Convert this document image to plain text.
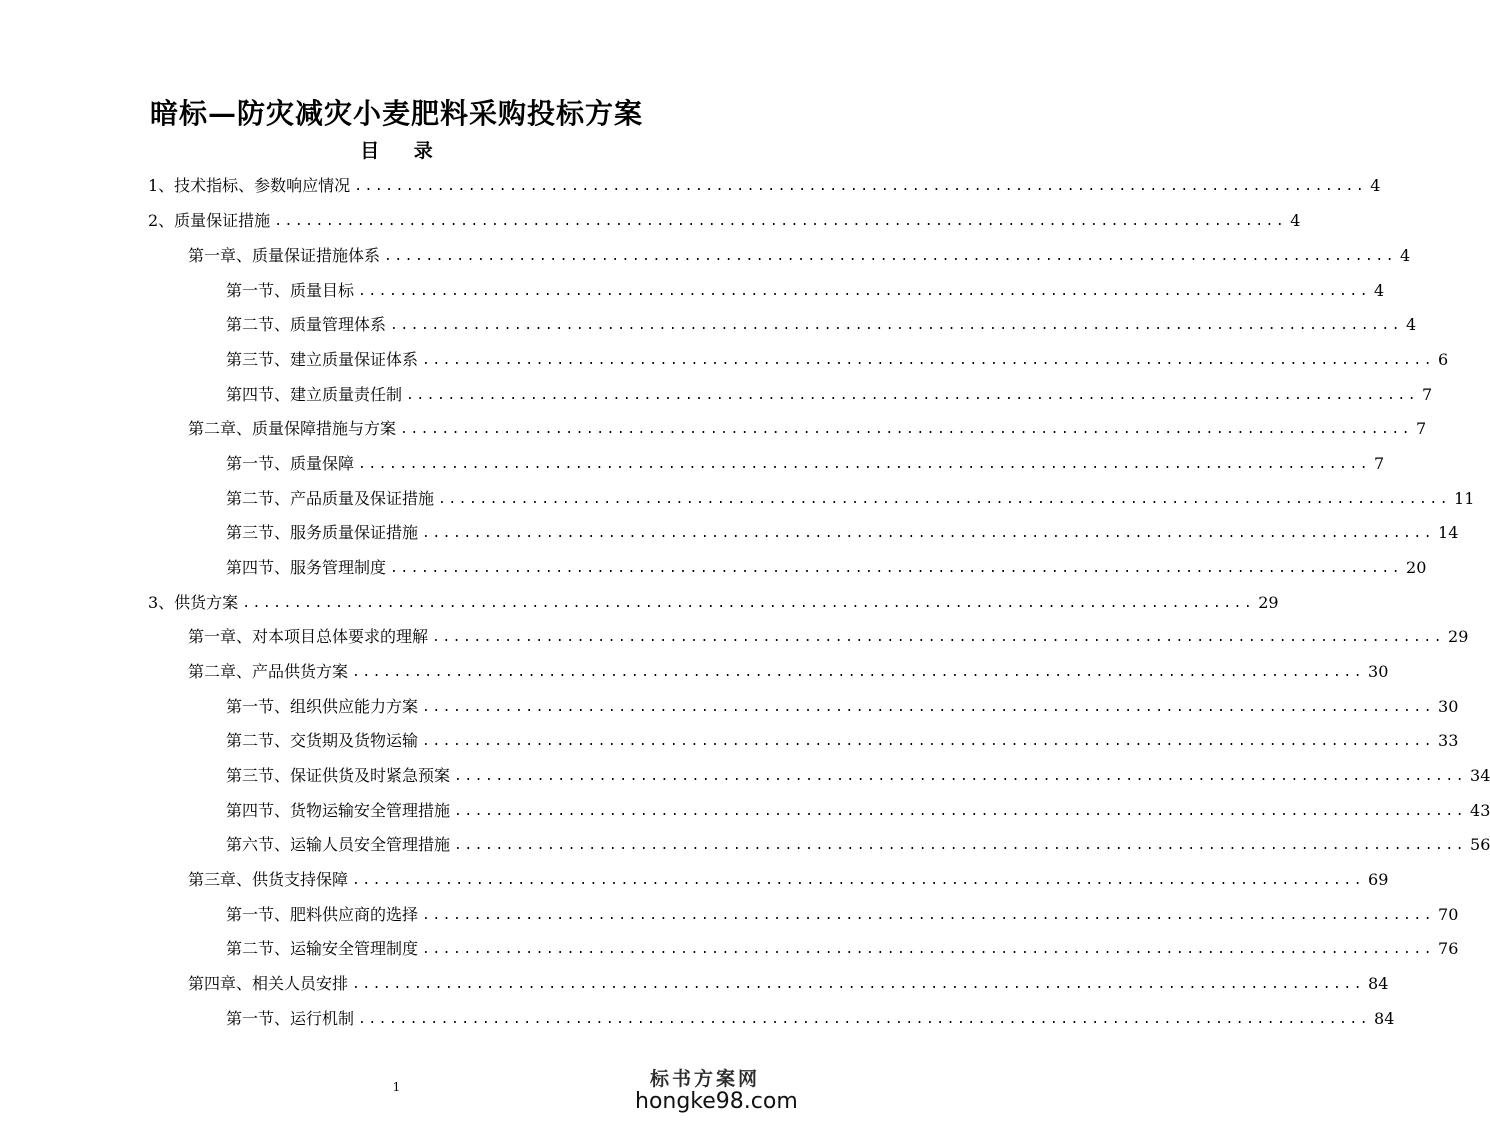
暗标—防灾减灾小麦肥料采购投标方案
目 录
1、技术指标、参数响应情况 .................................................................................................. 4
2、质量保证措施 .................................................................................................. 4
第一章、质量保证措施体系 .................................................................................................. 4
第一节、质量目标 .................................................................................................. 4
第二节、质量管理体系 .................................................................................................. 4
第三节、建立质量保证体系 .................................................................................................. 6
第四节、建立质量责任制 .................................................................................................. 7
第二章、质量保障措施与方案 .................................................................................................. 7
第一节、质量保障 .................................................................................................. 7
第二节、产品质量及保证措施 .................................................................................................. 11
第三节、服务质量保证措施 .................................................................................................. 14
第四节、服务管理制度 .................................................................................................. 20
3、供货方案 .................................................................................................. 29
第一章、对本项目总体要求的理解 .................................................................................................. 29
第二章、产品供货方案 .................................................................................................. 30
第一节、组织供应能力方案 .................................................................................................. 30
第二节、交货期及货物运输 .................................................................................................. 33
第三节、保证供货及时紧急预案 .................................................................................................. 34
第四节、货物运输安全管理措施 .................................................................................................. 43
第六节、运输人员安全管理措施 .................................................................................................. 56
第三章、供货支持保障 .................................................................................................. 69
第一节、肥料供应商的选择 .................................................................................................. 70
第二节、运输安全管理制度 .................................................................................................. 76
第四章、相关人员安排 .................................................................................................. 84
第一节、运行机制 .................................................................................................. 84
1	标书方案网
hongke98.com
